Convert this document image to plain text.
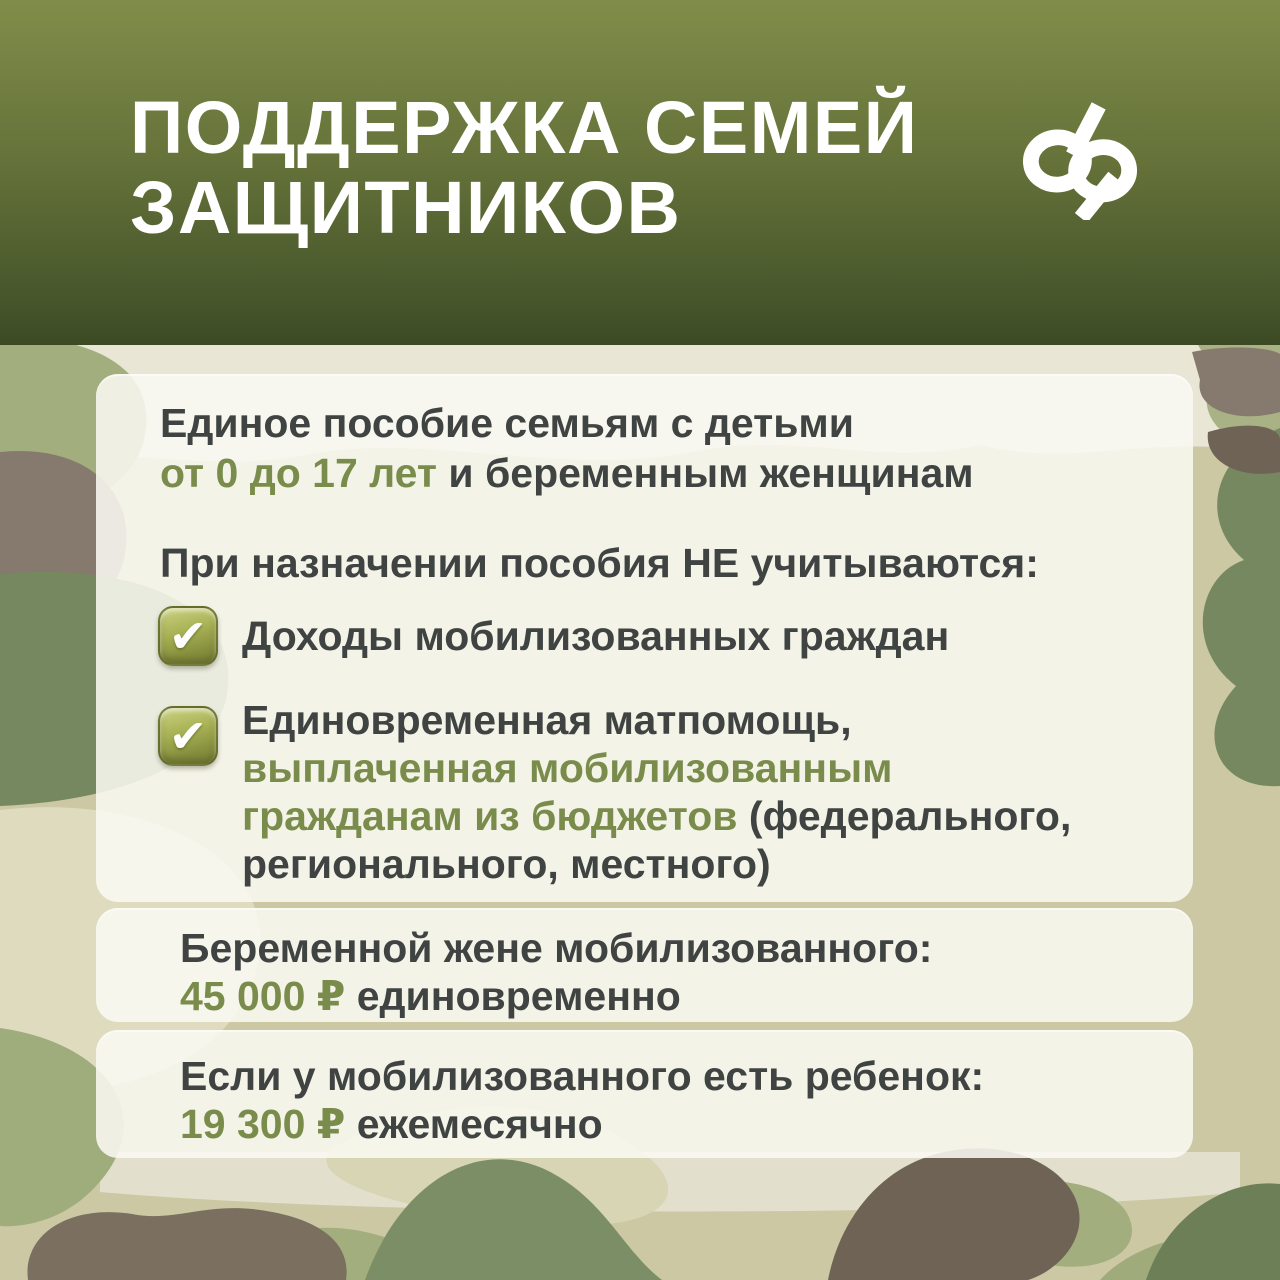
ПОДДЕРЖКА СЕМЕЙ
ЗАЩИТНИКОВ

Единое пособие семьям с детьми
от 0 до 17 лет и беременным женщинам

При назначении пособия НЕ учитываются:

✔ Доходы мобилизованных граждан

✔ Единовременная матпомощь,
выплаченная мобилизованным
гражданам из бюджетов (федерального,
регионального, местного)

Беременной жене мобилизованного:
45 000 ₽ единовременно

Если у мобилизованного есть ребенок:
19 300 ₽ ежемесячно
